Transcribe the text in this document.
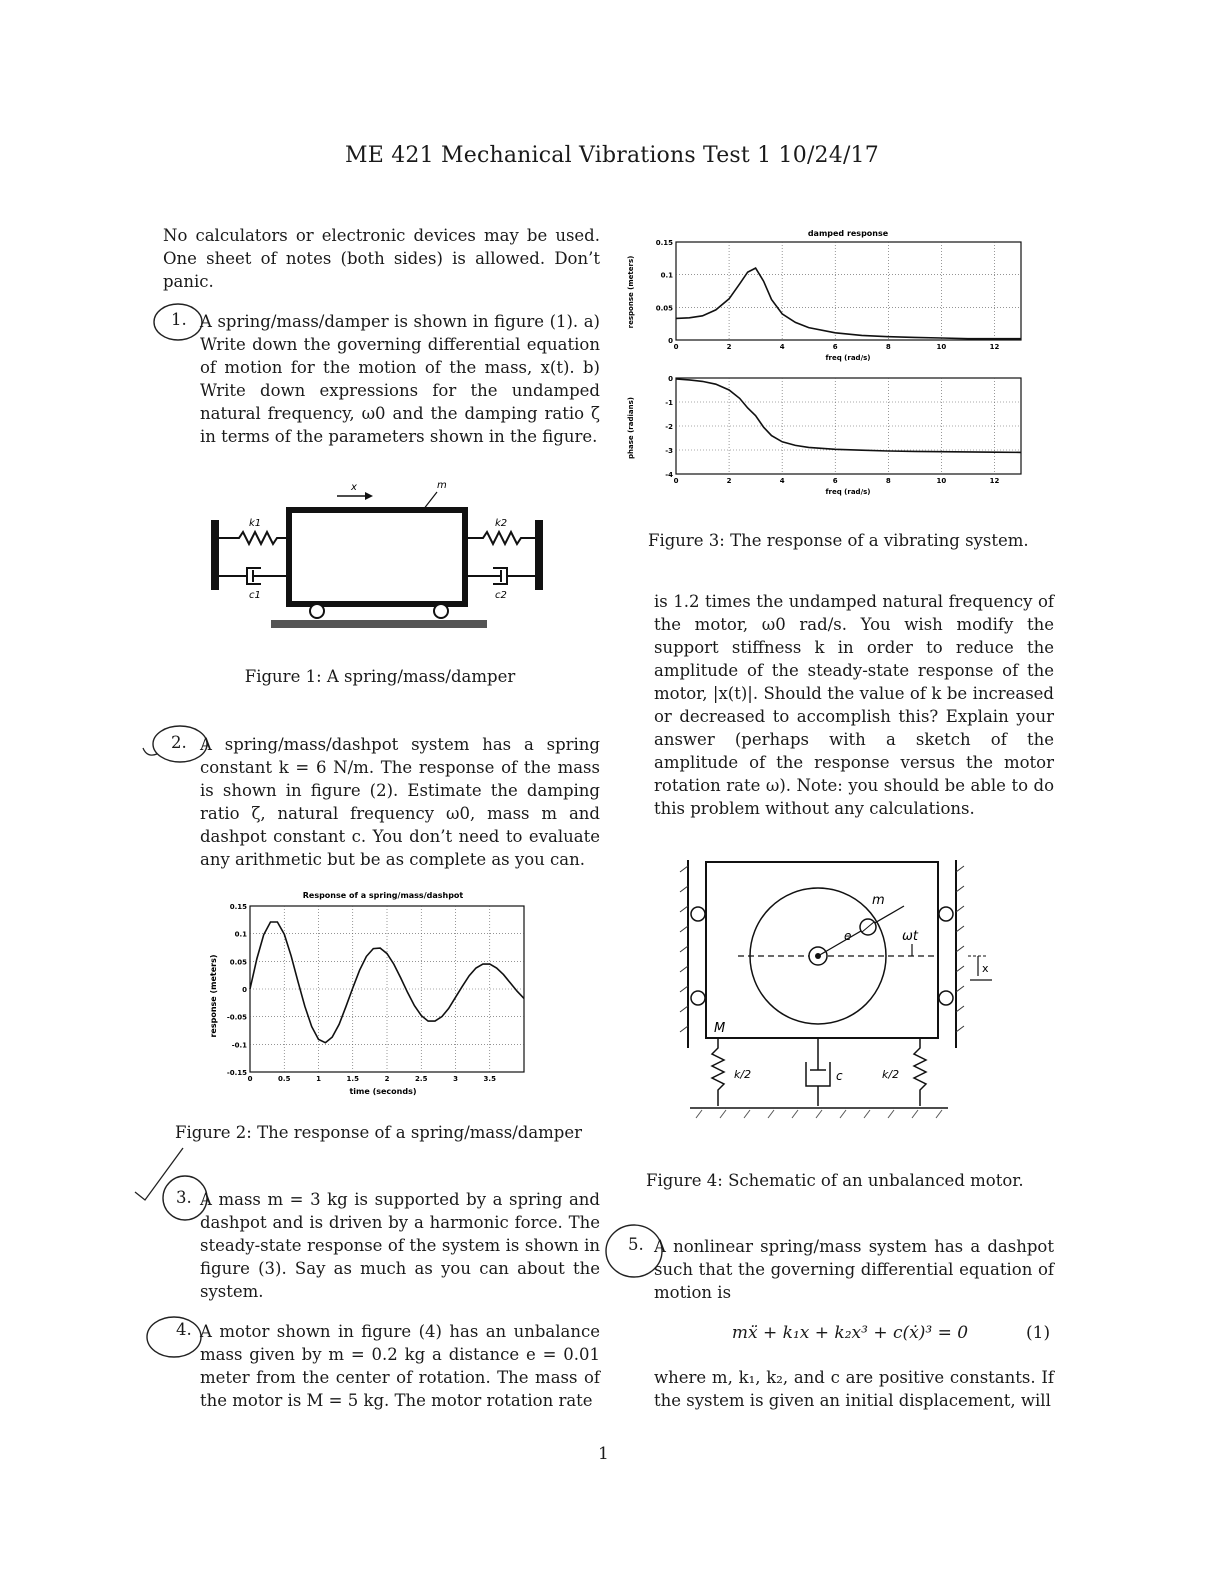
ME 421 Mechanical Vibrations Test 1 10/24/17
No calculators or electronic devices may be used. One sheet of notes (both sides) is allowed. Don’t panic.
1. A spring/mass/damper is shown in figure (1). a) Write down the governing differential equation of motion for the motion of the mass, x(t). b) Write down expressions for the undamped natural frequency, ω0 and the damping ratio ζ in terms of the parameters shown in the figure.
x	m
k1	k2
c1	c2
Figure 1: A spring/mass/damper
2. A spring/mass/dashpot system has a spring constant k = 6 N/m. The response of the mass is shown in figure (2). Estimate the damping ratio ζ, natural frequency ω0, mass m and dashpot constant c. You don’t need to evaluate any arithmetic but be as complete as you can.
Response of a spring/mass/dashpot
response (meters)
time (seconds)
0	0.5	1	1.5	2	2.5	3	3.5
0.15
0.1
0.05
0
-0.05
-0.1
-0.15
Figure 2: The response of a spring/mass/damper
3. A mass m = 3 kg is supported by a spring and dashpot and is driven by a harmonic force. The steady-state response of the system is shown in figure (3). Say as much as you can about the system.
4. A motor shown in figure (4) has an unbalance mass given by m = 0.2 kg a distance e = 0.01 meter from the center of rotation. The mass of the motor is M = 5 kg. The motor rotation rate
damped response
response (meters)
freq (rad/s)
0	2	4	6	8	10	12
0.15
0.1
0.05
0
phase (radians)
freq (rad/s)
0	2	4	6	8	10	12
0
-1
-2
-3
-4
Figure 3: The response of a vibrating system.
is 1.2 times the undamped natural frequency of the motor, ω0 rad/s. You wish modify the support stiffness k in order to reduce the amplitude of the steady-state response of the motor, |x(t)|. Should the value of k be increased or decreased to accomplish this? Explain your answer (perhaps with a sketch of the amplitude of the response versus the motor rotation rate ω). Note: you should be able to do this problem without any calculations.
m
e	ωt
M
x
k/2	c	k/2
Figure 4: Schematic of an unbalanced motor.
5. A nonlinear spring/mass system has a dashpot such that the governing differential equation of motion is
mẍ + k₁x + k₂x³ + c(ẋ)³ = 0	(1)
where m, k₁, k₂, and c are positive constants. If the system is given an initial displacement, will
1
